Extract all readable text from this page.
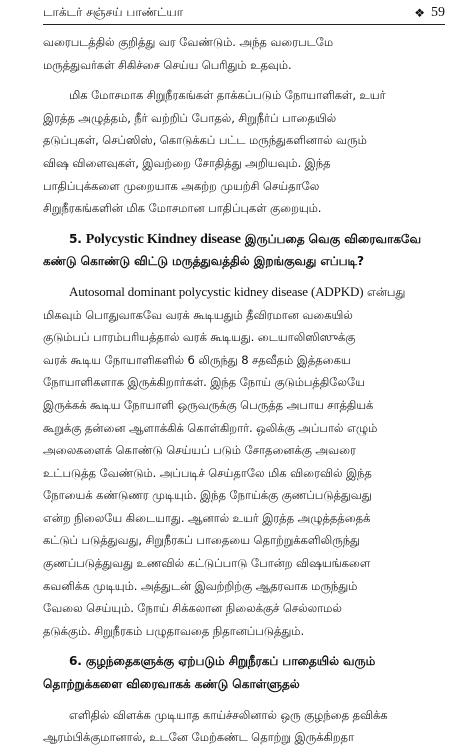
டாக்டர் சஞ்சய் பாண்ட்யா	❖ 59
வரைபடத்தில் குறித்து வர வேண்டும். அந்த வரைபடமே
மருத்துவர்கள் சிகிச்சை செய்ய பெரிதும் உதவும்.
மிக மோசமாக சிறுநீரகங்கள் தாக்கப்படும் நோயாளிகள், உயர்
இரத்த அழுத்தம், நீர் வற்றிப் போதல், சிறுநீர்ப் பாதையில்
தடுப்புகள், செப்ஸிஸ், கொடுக்கப் பட்ட மருந்துகளினால் வரும்
விஷ விளைவுகள், இவற்றை சோதித்து அறியவும். இந்த
பாதிப்புக்களை முறையாக அகற்ற முயற்சி செய்தாலே
சிறுநீரகங்களின் மிக மோசமான பாதிப்புகள் குறையும்.
5. Polycystic Kindney disease இருப்பதை வெகு விரைவாகவே
கண்டு கொண்டு விட்டு மருத்துவத்தில் இறங்குவது எப்படி?
Autosomal dominant polycystic kidney disease (ADPKD) என்பது
மிகவும் பொதுவாகவே வரக் கூடியதும் தீவிரமான வகையில்
குடும்பப் பாரம்பரியத்தால் வரக் கூடியது. டையாலிஸிஸுக்கு
வரக் கூடிய நோயாளிகளில் 6 லிருந்து 8 சதவீதம் இத்தகைய
நோயாளிகளாக இருக்கிறார்கள். இந்த நோய் குடும்பத்திலேயே
இருக்கக் கூடிய நோயாளி ஒருவருக்கு பெருத்த அபாய சாத்தியக்
கூறுக்கு தன்னை ஆளாக்கிக் கொள்கிறார். ஒலிக்கு அப்பால் எழும்
அலைகளைக் கொண்டு செய்யப் படும் சோதனைக்கு அவரை
உட்படுத்த வேண்டும். அப்படிச் செய்தாலே மிக விரைவில் இந்த
நோயைக் கண்டுணர முடியும். இந்த நோய்க்கு குணப்படுத்துவது
என்ற நிலையே கிடையாது. ஆனால் உயர் இரத்த அழுத்தத்தைக்
கட்டுப் படுத்துவது, சிறுநீரகப் பாதையை தொற்றுக்களிலிருந்து
குணப்படுத்துவது உணவில் கட்டுப்பாடு போன்ற விஷயங்களை
கவனிக்க முடியும். அத்துடன் இவற்றிற்கு ஆதரவாக மருந்தும்
வேலை செய்யும். நோய் சிக்கலான நிலைக்குச் செல்லாமல்
தடுக்கும். சிறுநீரகம் பழுதாவதை நிதானப்படுத்தும்.
6. குழந்தைகளுக்கு ஏற்படும் சிறுநீரகப் பாதையில் வரும்
தொற்றுக்களை விரைவாகக் கண்டு கொள்ளுதல்
எளிதில் விளக்க முடியாத காய்ச்சலினால் ஒரு குழந்தை தவிக்க
ஆரம்பிக்குமானால், உடனே மேற்கண்ட தொற்று இருக்கிறதா
